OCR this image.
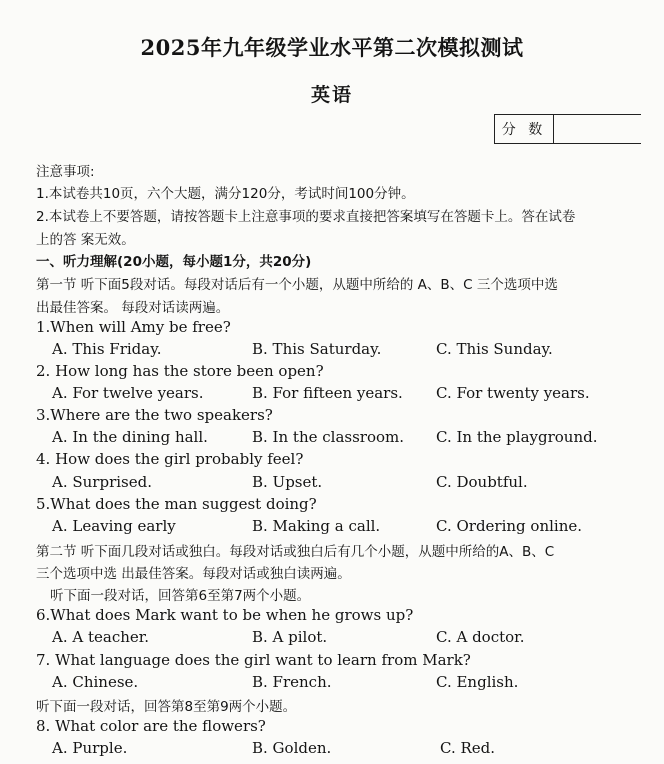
2025年九年级学业水平第二次模拟测试
英语
分 数
注意事项:
1.本试卷共10页，六个大题，满分120分，考试时间100分钟。
2.本试卷上不要答题，请按答题卡上注意事项的要求直接把答案填写在答题卡上。答在试卷
上的答 案无效。
一、听力理解(20小题，每小题1分，共20分)
第一节 听下面5段对话。每段对话后有一个小题，从题中所给的 A、B、C 三个选项中选
出最佳答案。 每段对话读两遍。
1.When will Amy be free?
A. This Friday.	B. This Saturday.	C. This Sunday.
2. How long has the store been open?
A. For twelve years.	B. For fifteen years. C. For twenty years.
3.Where are the two speakers?
A. In the dining hall.	B. In the classroom. C. In the playground.
4. How does the girl probably feel?
A. Surprised.	B. Upset.	C. Doubtful.
5.What does the man suggest doing?
A. Leaving early	B. Making a call.	C. Ordering online.
第二节 听下面几段对话或独白。每段对话或独白后有几个小题，从题中所给的A、B、C
三个选项中选 出最佳答案。每段对话或独白读两遍。
听下面一段对话，回答第6至第7两个小题。
6.What does Mark want to be when he grows up?
A. A teacher.	B. A pilot.	C. A doctor.
7. What language does the girl want to learn from Mark?
A. Chinese.	B. French.	C. English.
听下面一段对话，回答第8至第9两个小题。
8. What color are the flowers?
A. Purple.	B. Golden.	C. Red.
